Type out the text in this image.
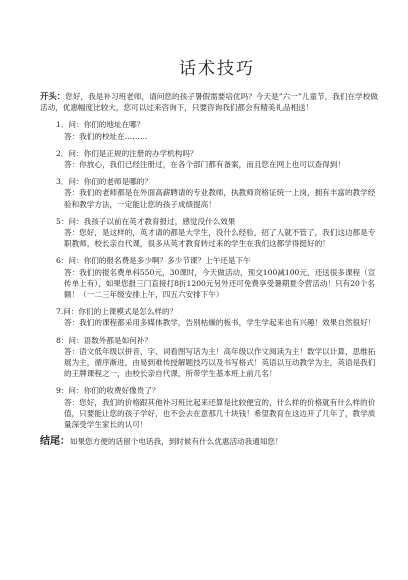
话术技巧

开头：您好，我是补习班老师，请问您的孩子暑假需要培优吗？今天是”六一”儿童节，我们在学校做活动，优惠幅度比较大，您可以过来咨询下，只要咨询我们都会有精美礼品相送！

1．问：你们的地址在哪？

答：我们的校址在………

2．问：你们是正规的注册的办学机构吗？

答：你放心，我们已经注册过，在各个部门都有备案，而且您在网上也可以查得到！

3．问：你们的老师是哪的？

答：我们的老师都是在外面高薪聘请的专业教师，执教师资格证统一上岗，拥有丰富的教学经验和教学方法，一定能让您的孩子成绩提高！

5：问：我孩子以前在英才教育报过，感觉没什么效果

答：您好，是这样的，英才请的都是大学生，没什么经验，招了人就不管了，我们这边都是专职教师，校长亲自代课，很多从英才教育转过来的学生在我们这都学得挺好的！

6：问：你们的报名费是多少啊？多少节课？上午还是下午

答：我们的报名费单科550元，30课时，今天做活动，预交100减100元，还送很多课程（宣传单上有），如果您报三门直接打8折1200元另外还可免费享受暑期夏令营活动！只有20个名额！（一二三年级安排上午，四五六安排下午）

7.问：你们的上课模式是怎么样的？

答：我们的课程都采用多媒体教学，告别枯燥的板书，学生学起来也有兴趣！效果自然很好！

8：问：语数外都是如何补？

答：语文低年级以拼音、字、词看图写话为主！高年级以作文阅读为主！数学以计算，思维拓展为主，循序渐进，由易到难传授解题技巧以及书写格式！英语以互动教学为主，英语是我们的王牌课程之一，由校长亲自代课，所带学生基本班上前几名！

9：问：你们的收费好像贵了？

答：您好，我们的价格跟其他补习班比起来还算是比较便宜的，什么样的价格就有什么样的价值，只要能让您的孩子学好，也不会去在意那几十块钱！希望教育在这边开了几年了，教学质量深受学生家长的认可！

结尾：如果您方便的话留个电话我，到时候有什么优惠活动我通知您！
